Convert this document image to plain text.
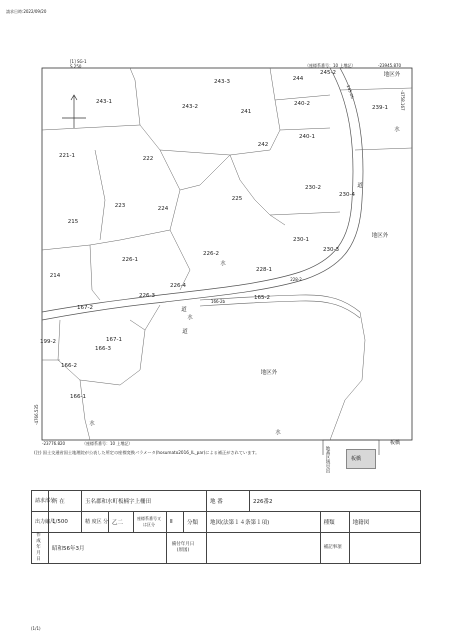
請求日時:2022/09/20
[1] SG-1
S 250	（座標系番号：10 上増記）	-23945.870
-4758.167
-4766.535
-23776.820	（座標系番号：10 上増記）
244
245-2
243-3
243-1
243-2
241
240-2
239-1
240-1
242
221-1	222
230-2
225
223	224
215
230-1
226-2
226-1
228-1
214
226-4
226-3	165-2
167-2
167-1
166-3
166-2
166-1
199-2
230-4
230-3
228-2
166-2b
245-2b
水
道
道
地区外
地区外
地区外
水
水
水
水
道
地番区域見出	板橋
板橋
(注) 国土交通省国土地理院が公表した所定の座標変換パラメータ(hosumato2016_IL_par)による補正がされています。
請求部分	所 在	玉名郡和水町板楠字上柵田					地 番	226番2		

出力縮尺	1/500	精 度区 分	乙二	座標系番号又は区分	Ⅱ	分類	地図(法第１４条第１項)		種類	地籍図

作成年月日	昭和56年3月				備付年月日(原図)				補記事項	

(1/1)
